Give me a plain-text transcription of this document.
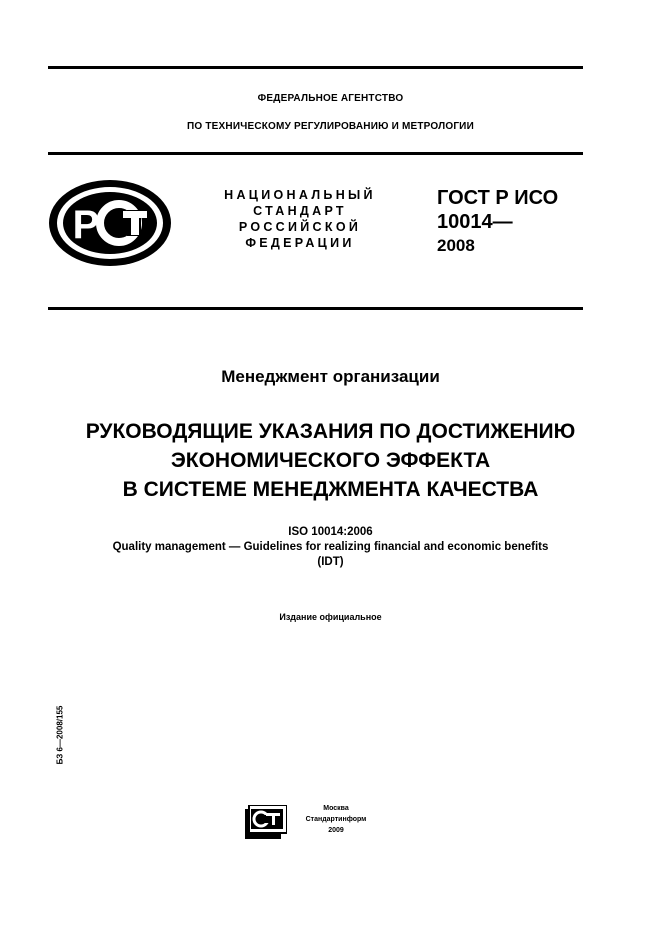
ФЕДЕРАЛЬНОЕ АГЕНТСТВО
ПО ТЕХНИЧЕСКОМУ РЕГУЛИРОВАНИЮ И МЕТРОЛОГИИ
Р
НАЦИОНАЛЬНЫЙ
СТАНДАРТ
РОССИЙСКОЙ
ФЕДЕРАЦИИ
ГОСТ Р ИСО
10014—
2008
Менеджмент организации
РУКОВОДЯЩИЕ УКАЗАНИЯ ПО ДОСТИЖЕНИЮ
ЭКОНОМИЧЕСКОГО ЭФФЕКТА
В СИСТЕМЕ МЕНЕДЖМЕНТА КАЧЕСТВА
ISO 10014:2006
Quality management — Guidelines for realizing financial and economic benefits
(IDT)
Издание официальное
БЗ 6—2008/155
Москва
Стандартинформ
2009
